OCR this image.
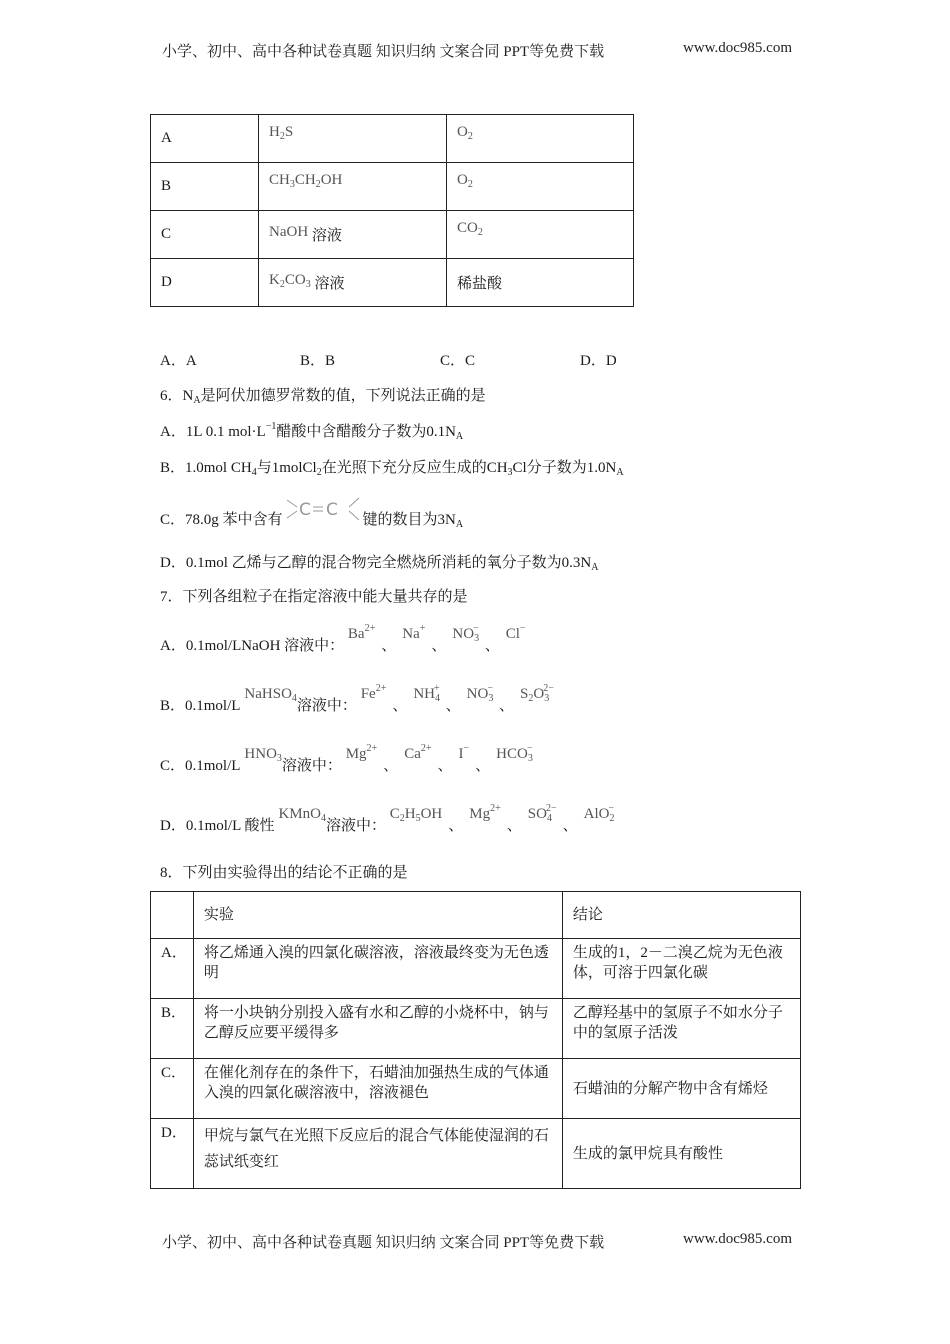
小学、初中、高中各种试卷真题 知识归纳 文案合同 PPT等免费下载	www.doc985.com
A	$H_2S$	$O_2$
B	$CH_3CH_2OH$	$O_2$
C	NaOH 溶液	$CO_2$
D	$K_2CO_3$ 溶液	稀盐酸
A．A	B．B	C．C	D．D
6．$N_A$是阿伏加德罗常数的值，下列说法正确的是
A．1L 0.1 $mol\cdot L^{-1}$醋酸中含醋酸分子数为$0.1N_A$
B．1.0mol $CH_4$与1molCl$_2$在光照下充分反应生成的$CH_3Cl$分子数为$1.0N_A$
C．78.0g 苯中含有 C C 键的数目为$3N_A$
D．0.1mol 乙烯与乙醇的混合物完全燃烧所消耗的氧分子数为$0.3N_A$
7．下列各组粒子在指定溶液中能大量共存的是
A．0.1mol/LNaOH 溶液中： $Ba^{2+}$、Na+、$NO_3^-$、Cl−
B．0.1mol/LNaHSO$_4$溶液中： $Fe^{2+}$、$NH_4^+$、$NO_3^-$、$S_2O_3^{2-}$
C．$0.1mol/LHNO_3$溶液中： $Mg^{2+}$、$Ca^{2+}$、I−、$HCO_3^-$
D．0.1mol/L 酸性KMnO$_4$溶液中： $C_2H_5OH$、$Mg^{2+}$、$SO_4^{2-}$、AlO$_2$−
8．下列由实验得出的结论不正确的是
	实验	结论
A．	将乙烯通入溴的四氯化碳溶液，溶液最终变为无色透明	生成的1，2－二溴乙烷为无色液体，可溶于四氯化碳
B．	将一小块钠分别投入盛有水和乙醇的小烧杯中，钠与乙醇反应要平缓得多	乙醇羟基中的氢原子不如水分子中的氢原子活泼
C．	在催化剂存在的条件下，石蜡油加强热生成的气体通入溴的四氯化碳溶液中，溶液褪色	石蜡油的分解产物中含有烯烃
D．	甲烷与氯气在光照下反应后的混合气体能使湿润的石蕊试纸变红	生成的氯甲烷具有酸性
小学、初中、高中各种试卷真题 知识归纳 文案合同 PPT等免费下载	www.doc985.com
